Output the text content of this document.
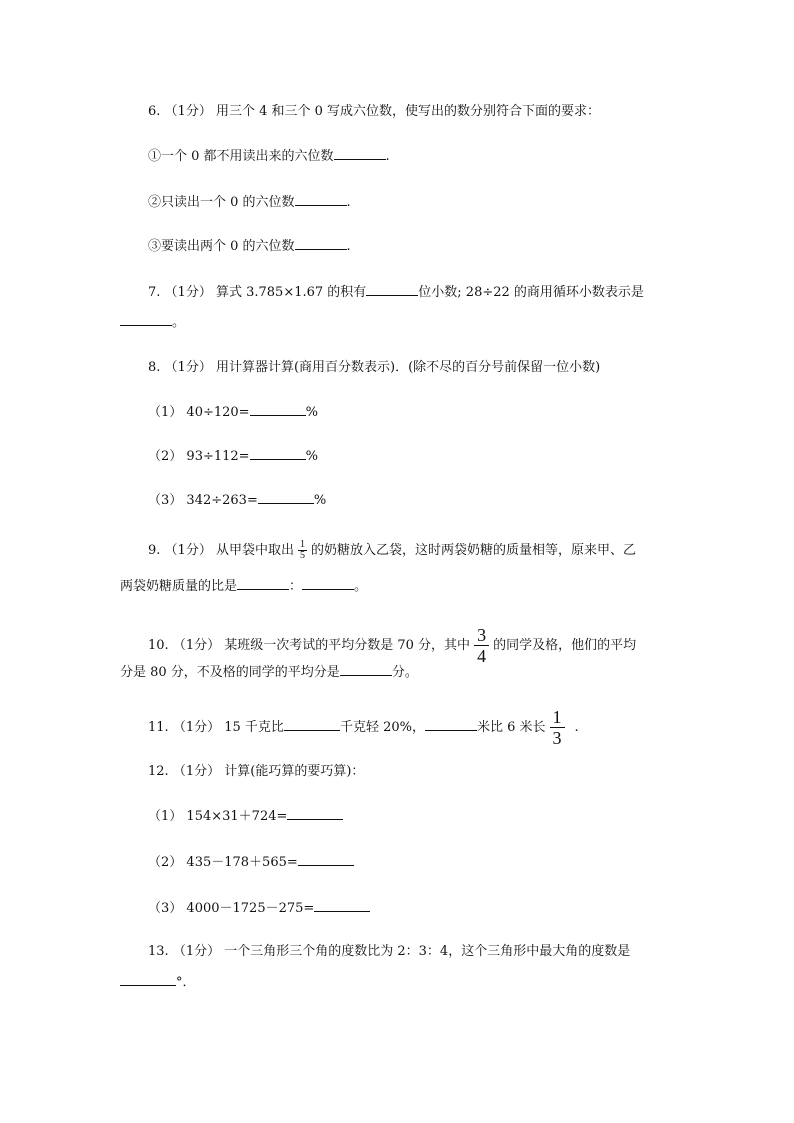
6. （1分） 用三个 4 和三个 0 写成六位数，使写出的数分别符合下面的要求：
①一个 0 都不用读出来的六位数	.
②只读出一个 0 的六位数	.
③要读出两个 0 的六位数	.
7. （1分） 算式 3.785×1.67 的积有	位小数; 28÷22 的商用循环小数表示是
。
8. （1分） 用计算器计算(商用百分数表示)．(除不尽的百分号前保留一位小数)
（1） 40÷120=	%
（2） 93÷112=	%
（3） 342÷263=	%
9. （1分） 从甲袋中取出 $\frac{1}{5}$ 的奶糖放入乙袋，这时两袋奶糖的质量相等，原来甲、乙
两袋奶糖质量的比是	：	。
10. （1分） 某班级一次考试的平均分数是 70 分，其中 $\frac{3}{4}$ 的同学及格，他们的平均
分是 80 分，不及格的同学的平均分是	分。
11. （1分） 15 千克比	千克轻 20%，	米比 6 米长 $\frac{1}{3}$ .
12. （1分） 计算(能巧算的要巧算)：
（1） 154×31＋724=
（2） 435－178＋565=
（3） 4000－1725－275=
13. （1分） 一个三角形三个角的度数比为 2：3：4，这个三角形中最大角的度数是
°．
